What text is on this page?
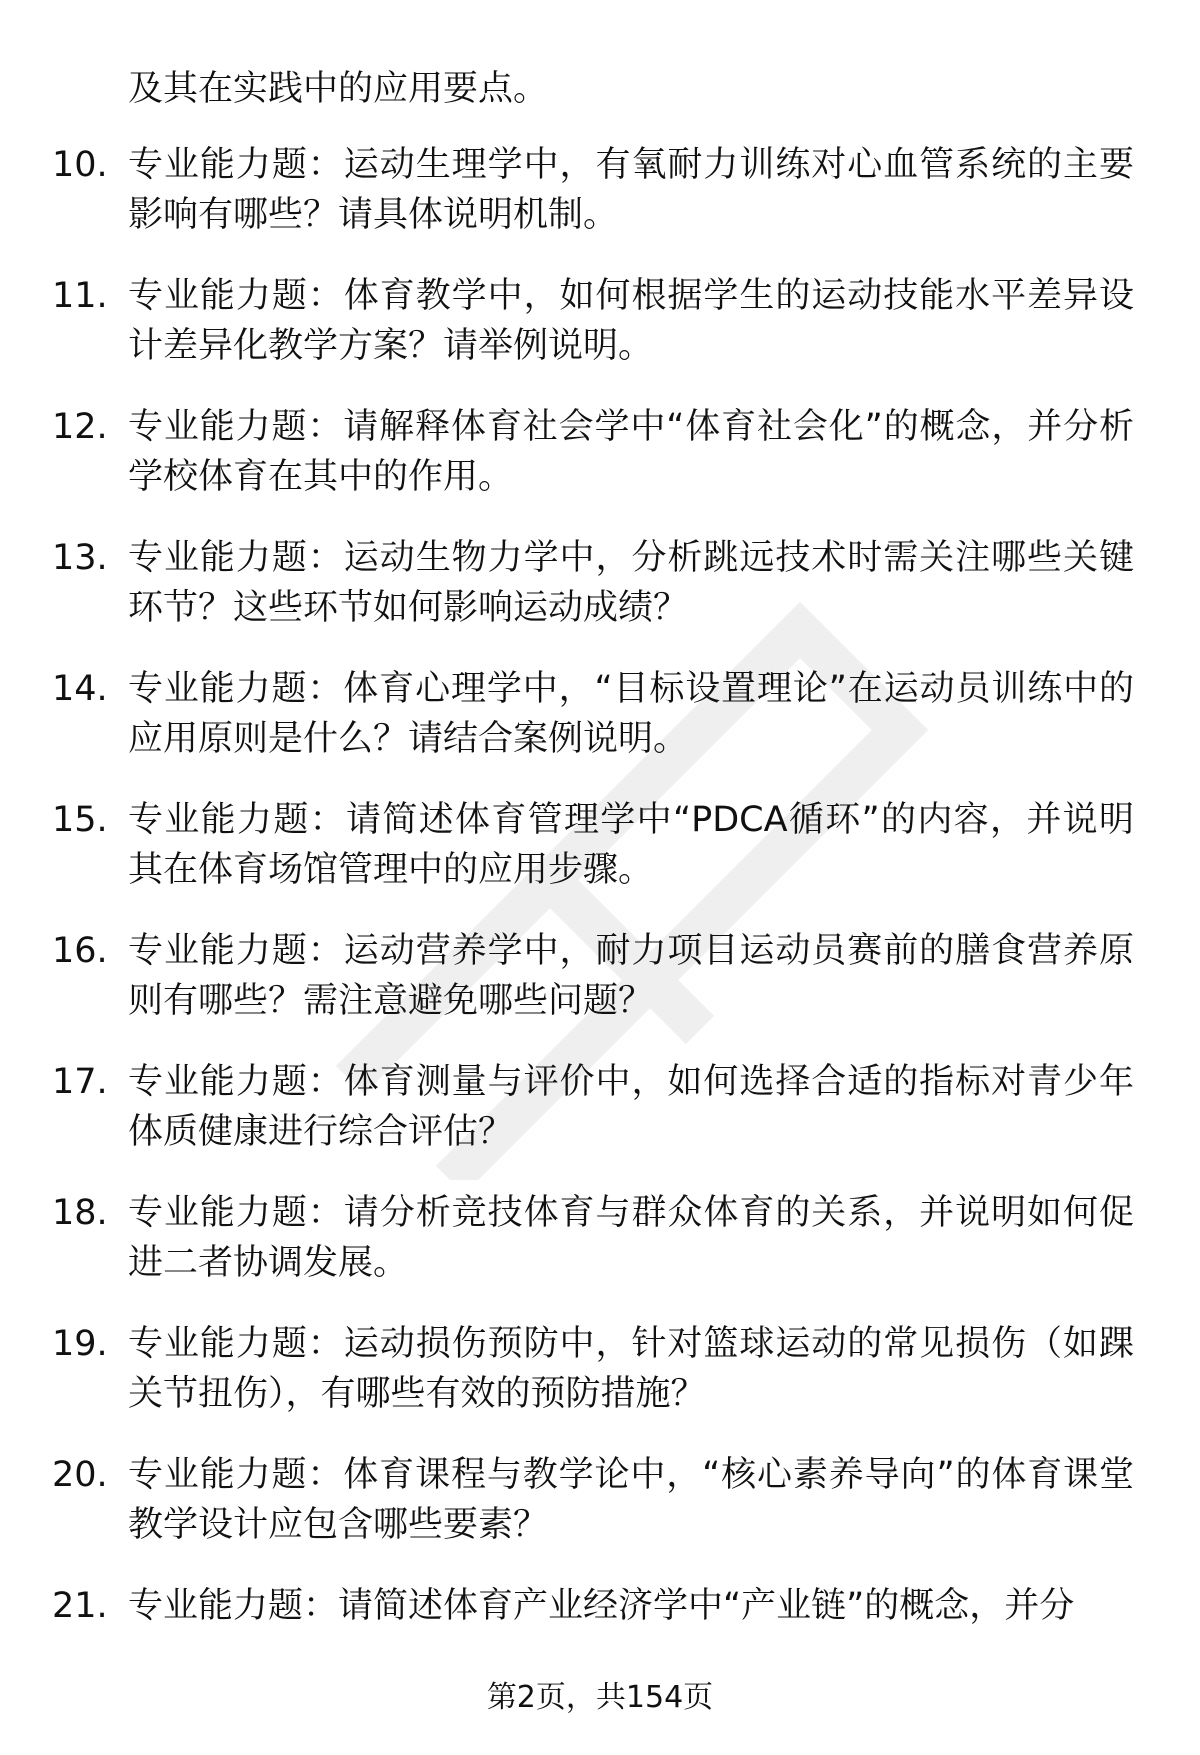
及其在实践中的应用要点。
10. 专业能力题：运动生理学中，有氧耐力训练对心血管系统的主要影响有哪些？请具体说明机制。
11. 专业能力题：体育教学中，如何根据学生的运动技能水平差异设计差异化教学方案？请举例说明。
12. 专业能力题：请解释体育社会学中“体育社会化”的概念，并分析学校体育在其中的作用。
13. 专业能力题：运动生物力学中，分析跳远技术时需关注哪些关键环节？这些环节如何影响运动成绩？
14. 专业能力题：体育心理学中，“目标设置理论”在运动员训练中的应用原则是什么？请结合案例说明。
15. 专业能力题：请简述体育管理学中“PDCA循环”的内容，并说明其在体育场馆管理中的应用步骤。
16. 专业能力题：运动营养学中，耐力项目运动员赛前的膳食营养原则有哪些？需注意避免哪些问题？
17. 专业能力题：体育测量与评价中，如何选择合适的指标对青少年体质健康进行综合评估？
18. 专业能力题：请分析竞技体育与群众体育的关系，并说明如何促进二者协调发展。
19. 专业能力题：运动损伤预防中，针对篮球运动的常见损伤（如踝关节扭伤），有哪些有效的预防措施？
20. 专业能力题：体育课程与教学论中，“核心素养导向”的体育课堂教学设计应包含哪些要素？
21. 专业能力题：请简述体育产业经济学中“产业链”的概念，并分
第2页，共154页
